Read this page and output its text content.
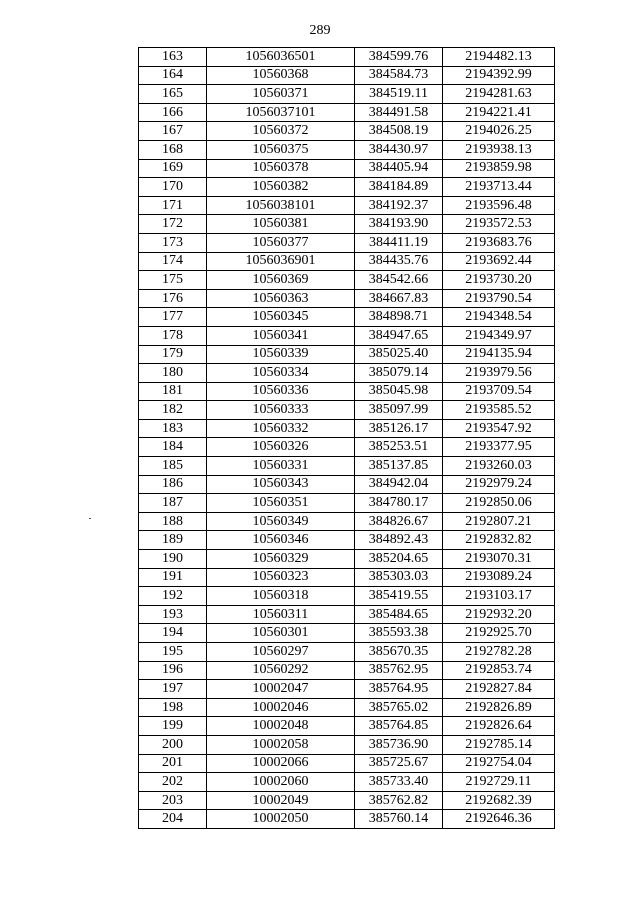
289
163	1056036501	384599.76	2194482.13
164	10560368	384584.73	2194392.99
165	10560371	384519.11	2194281.63
166	1056037101	384491.58	2194221.41
167	10560372	384508.19	2194026.25
168	10560375	384430.97	2193938.13
169	10560378	384405.94	2193859.98
170	10560382	384184.89	2193713.44
171	1056038101	384192.37	2193596.48
172	10560381	384193.90	2193572.53
173	10560377	384411.19	2193683.76
174	1056036901	384435.76	2193692.44
175	10560369	384542.66	2193730.20
176	10560363	384667.83	2193790.54
177	10560345	384898.71	2194348.54
178	10560341	384947.65	2194349.97
179	10560339	385025.40	2194135.94
180	10560334	385079.14	2193979.56
181	10560336	385045.98	2193709.54
182	10560333	385097.99	2193585.52
183	10560332	385126.17	2193547.92
184	10560326	385253.51	2193377.95
185	10560331	385137.85	2193260.03
186	10560343	384942.04	2192979.24
187	10560351	384780.17	2192850.06
188	10560349	384826.67	2192807.21
189	10560346	384892.43	2192832.82
190	10560329	385204.65	2193070.31
191	10560323	385303.03	2193089.24
192	10560318	385419.55	2193103.17
193	10560311	385484.65	2192932.20
194	10560301	385593.38	2192925.70
195	10560297	385670.35	2192782.28
196	10560292	385762.95	2192853.74
197	10002047	385764.95	2192827.84
198	10002046	385765.02	2192826.89
199	10002048	385764.85	2192826.64
200	10002058	385736.90	2192785.14
201	10002066	385725.67	2192754.04
202	10002060	385733.40	2192729.11
203	10002049	385762.82	2192682.39
204	10002050	385760.14	2192646.36
